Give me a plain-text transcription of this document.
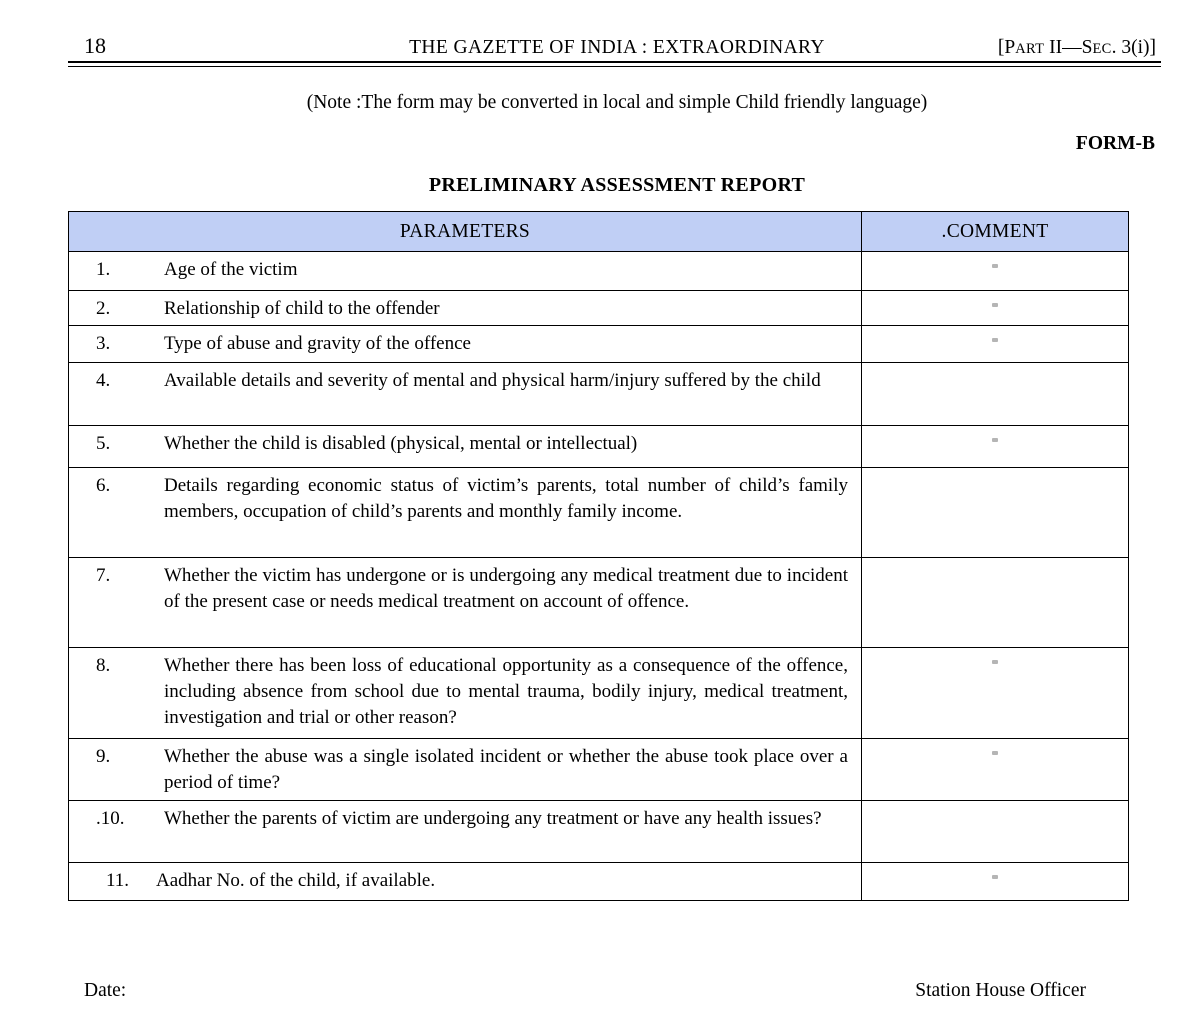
18	THE GAZETTE OF INDIA : EXTRAORDINARY	[PART II—SEC. 3(i)]
(Note :The form may be converted in local and simple Child friendly language)
FORM-B
PRELIMINARY ASSESSMENT REPORT
PARAMETERS	.COMMENT

1. Age of the victim	

2. Relationship of child to the offender	

3. Type of abuse and gravity of the offence	

4. Available details and severity of mental and physical harm/injury suffered by the child	

5. Whether the child is disabled (physical, mental or intellectual)	

6. Details regarding economic status of victim’s parents, total number of child’s family members, occupation of child’s parents and monthly family income.	

7. Whether the victim has undergone or is undergoing any medical treatment due to incident of the present case or needs medical treatment on account of offence.	

8. Whether there has been loss of educational opportunity as a consequence of the offence, including absence from school due to mental trauma, bodily injury, medical treatment, investigation and trial or other reason?	

9. Whether the abuse was a single isolated incident or whether the abuse took place over a period of time?	

.10. Whether the parents of victim are undergoing any treatment or have any health issues?	

11. Aadhar No. of the child, if available.	

Date:	Station House Officer
